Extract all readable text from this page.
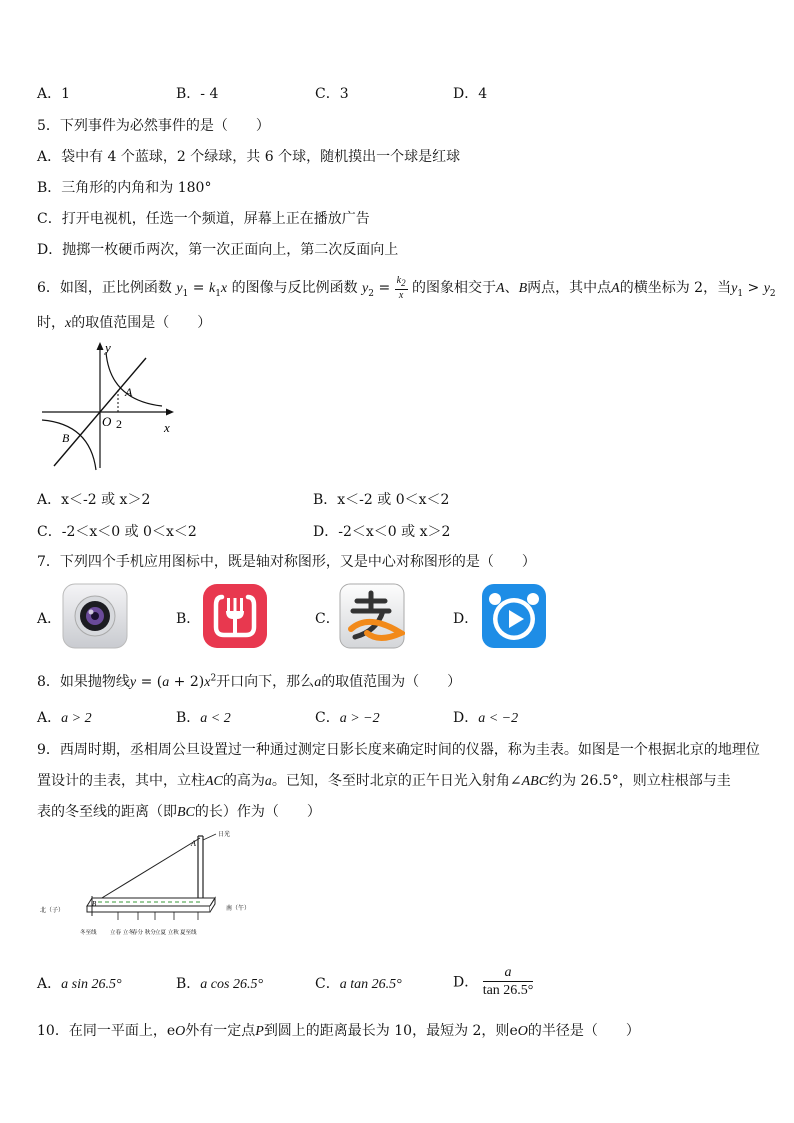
A．1	B．- 4	C．3	D．4
5．下列事件为必然事件的是（　　）
A．袋中有 4 个蓝球，2 个绿球，共 6 个球，随机摸出一个球是红球
B．三角形的内角和为 180°
C．打开电视机，任选一个频道，屏幕上正在播放广告
D．抛掷一枚硬币两次，第一次正面向上，第二次反面向上
6．如图，正比例函数 $y_1 = k_1x$ 的图像与反比例函数 $y_2 = \frac{k_2}{x}$ 的图象相交于A、B两点，其中点A的横坐标为 2，当$y_1 > y_2$
时，x的取值范围是（　　）
y
x
O
A
B
2
A．x＜-2 或 x＞2	B．x＜-2 或 0＜x＜2
C．-2＜x＜0 或 0＜x＜2	D．-2＜x＜0 或 x＞2
7．下列四个手机应用图标中，既是轴对称图形，又是中心对称图形的是（　　）
A．	B．	C．	D．
8．如果抛物线$y = (a + 2)x^2$开口向下，那么a的取值范围为（　　）
A．a > 2	B．a < 2	C．a > −2	D．a < −2
9．西周时期，丞相周公旦设置过一种通过测定日影长度来确定时间的仪器，称为圭表。如图是一个根据北京的地理位
置设计的圭表，其中，立柱AC的高为a。已知，冬至时北京的正午日光入射角∠ABC约为 26.5°，则立柱根部与圭
表的冬至线的距离（即BC的长）作为（　　）
A
B
日光
北（子）	南（午）
冬至线 立春 立冬
春分 秋分 立夏 立秋 夏至线
A．a sin 26.5°	B．a cos 26.5°	C．a tan 26.5°	D． $\frac{a}{\tan 26.5^\circ}$
10．在同一平面上，eO外有一定点P到圆上的距离最长为 10，最短为 2，则eO的半径是（　　）
